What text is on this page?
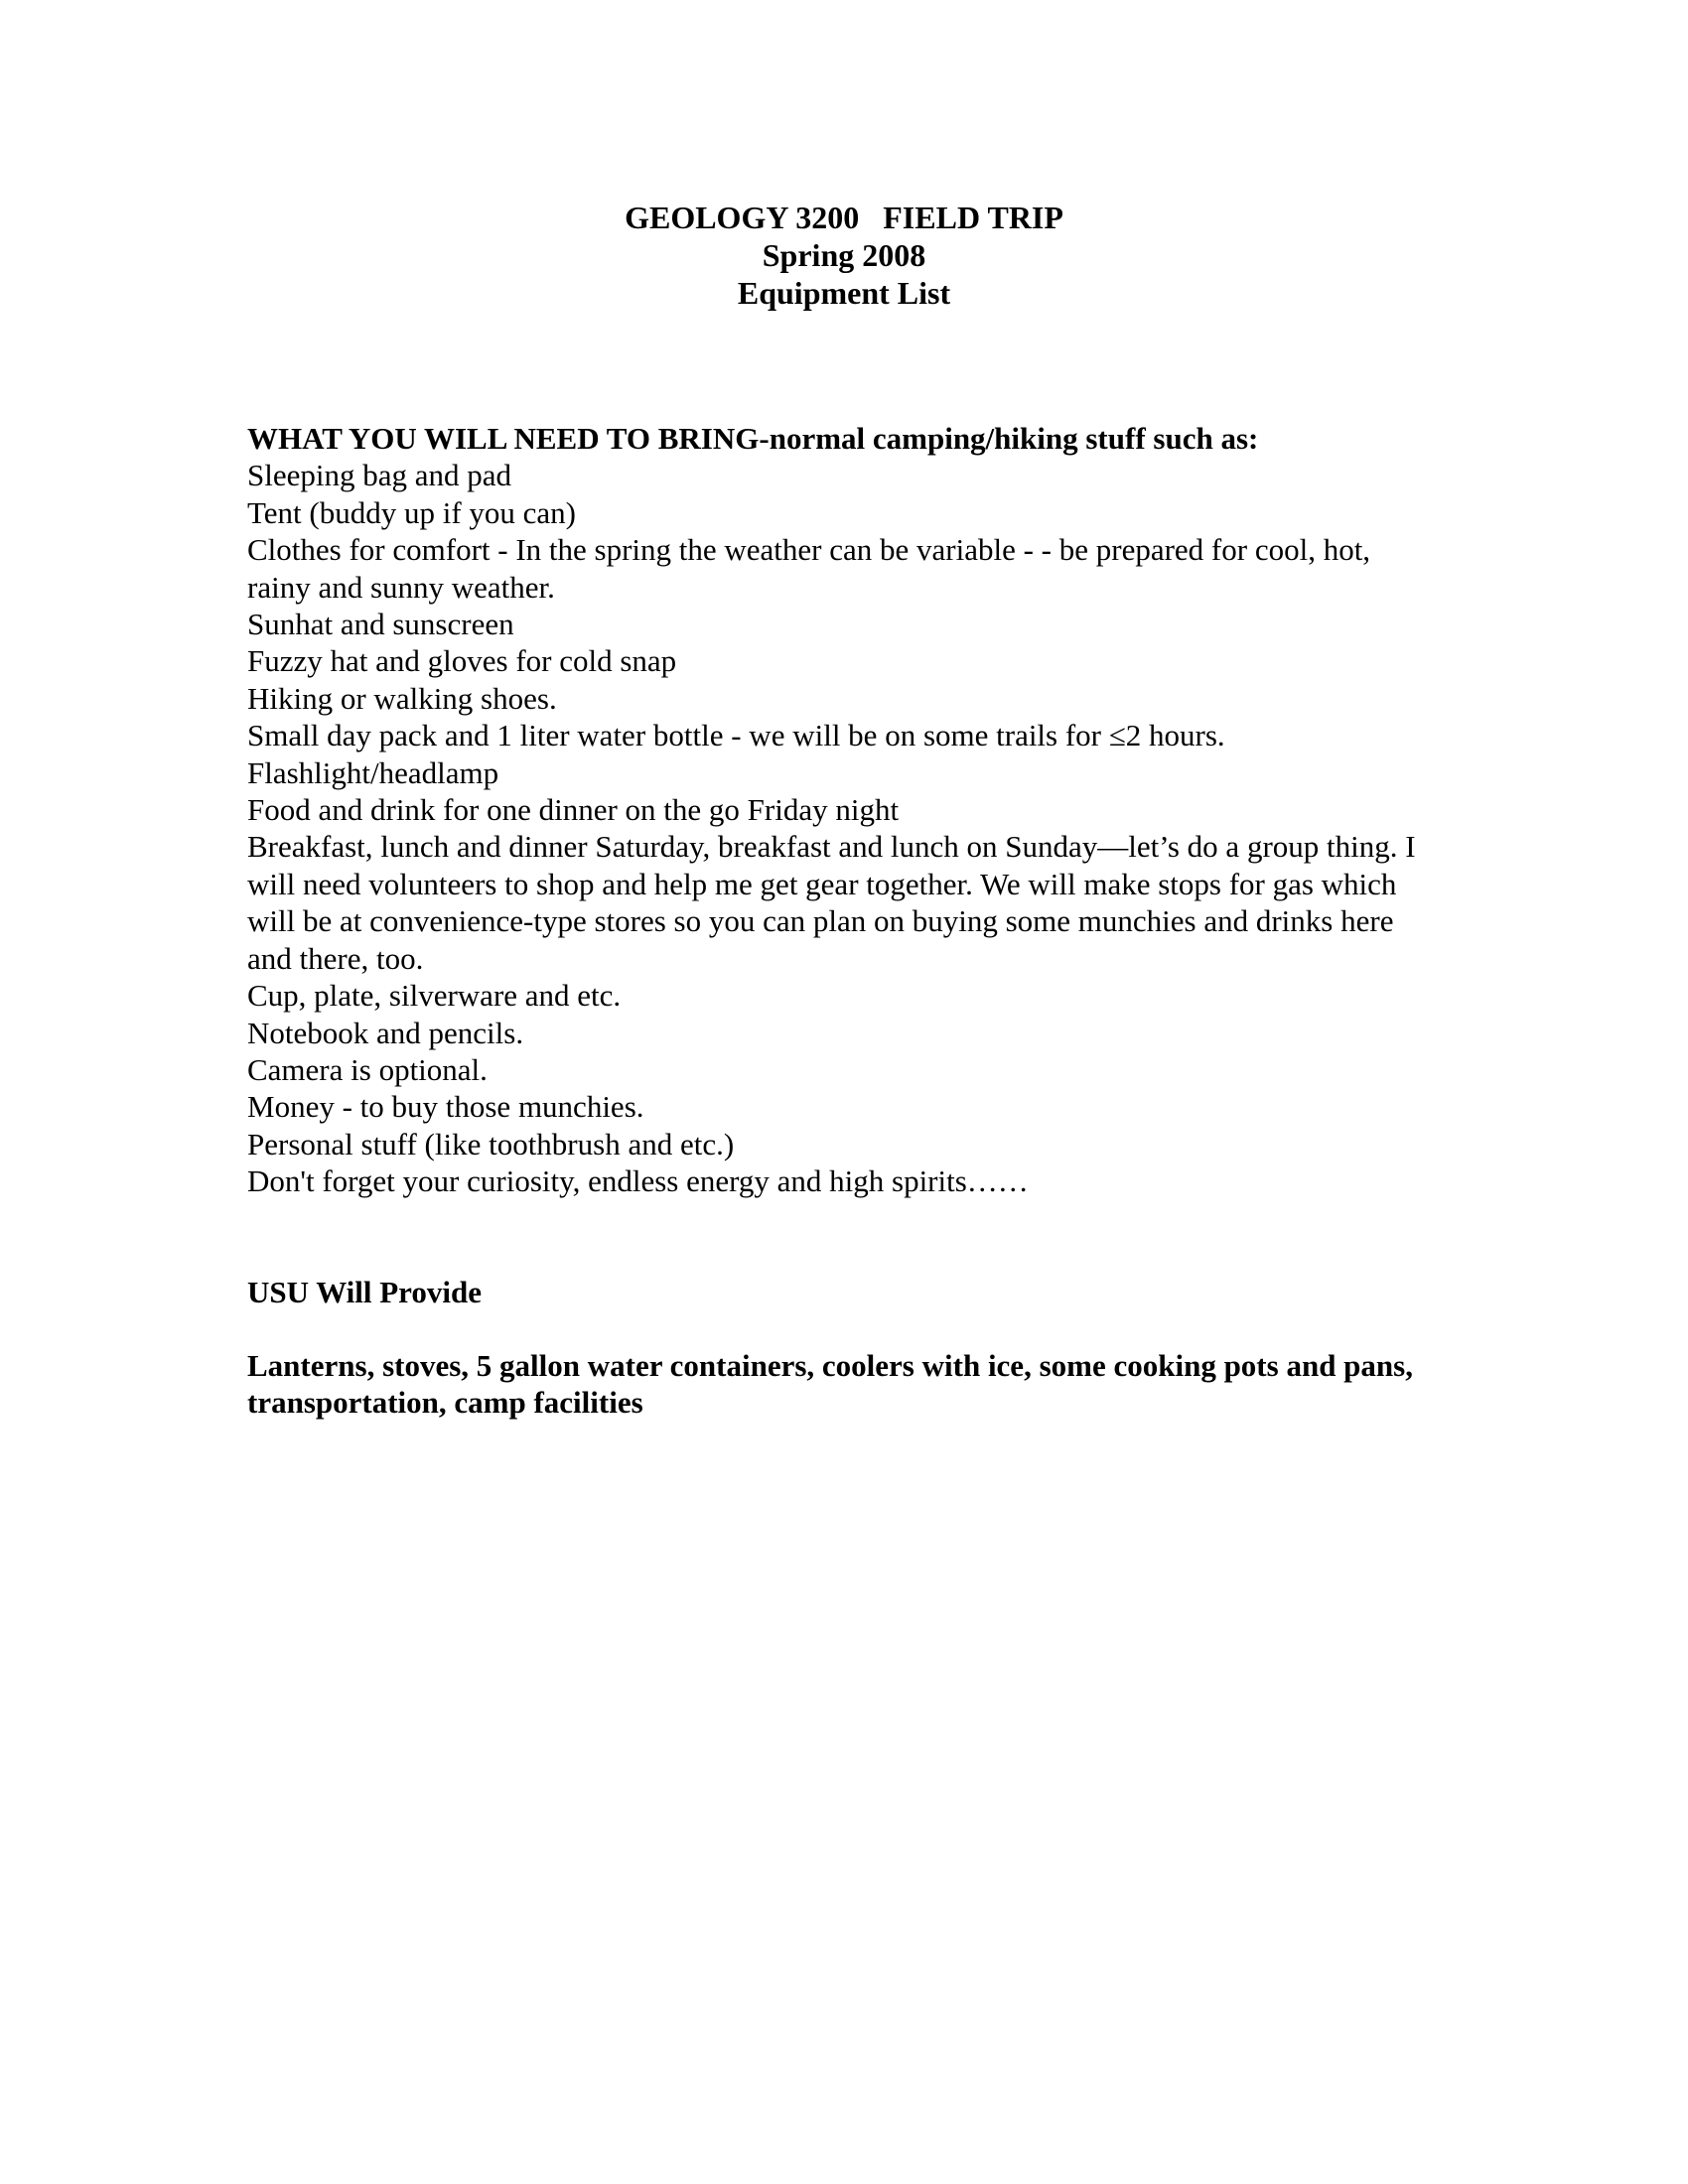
GEOLOGY 3200   FIELD TRIP
Spring 2008
Equipment List
WHAT YOU WILL NEED TO BRING-normal camping/hiking stuff such as:
Sleeping bag and pad
Tent (buddy up if you can)
Clothes for comfort - In the spring the weather can be variable - - be prepared for cool, hot, rainy and sunny weather.
Sunhat and sunscreen
Fuzzy hat and gloves for cold snap
Hiking or walking shoes.
Small day pack and 1 liter water bottle - we will be on some trails for ≤2 hours.
Flashlight/headlamp
Food and drink for one dinner on the go Friday night
Breakfast, lunch and dinner Saturday, breakfast and lunch on Sunday—let’s do a group thing. I will need volunteers to shop and help me get gear together. We will make stops for gas which will be at convenience-type stores so you can plan on buying some munchies and drinks here and there, too.
Cup, plate, silverware and etc.
Notebook and pencils.
Camera is optional.
Money - to buy those munchies.
Personal stuff (like toothbrush and etc.)
Don't forget your curiosity, endless energy and high spirits……
USU Will Provide
Lanterns, stoves, 5 gallon water containers, coolers with ice, some cooking pots and pans, transportation, camp facilities
